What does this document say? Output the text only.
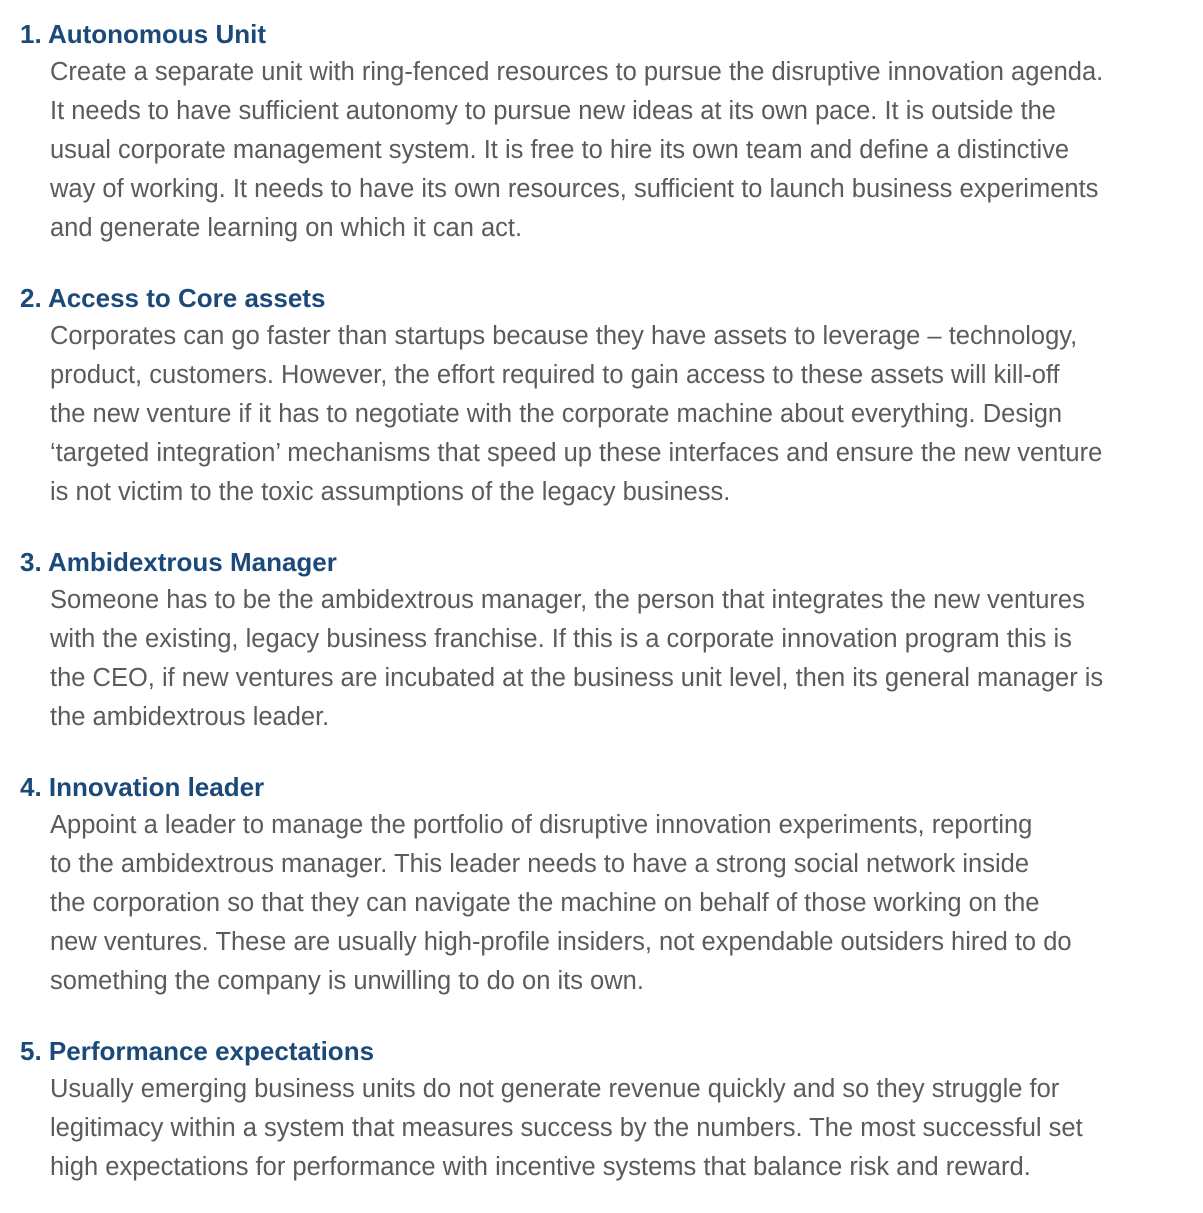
1. Autonomous Unit
Create a separate unit with ring-fenced resources to pursue the disruptive innovation agenda.
It needs to have sufficient autonomy to pursue new ideas at its own pace. It is outside the
usual corporate management system. It is free to hire its own team and define a distinctive
way of working. It needs to have its own resources, sufficient to launch business experiments
and generate learning on which it can act.
2. Access to Core assets
Corporates can go faster than startups because they have assets to leverage – technology,
product, customers. However, the effort required to gain access to these assets will kill-off
the new venture if it has to negotiate with the corporate machine about everything. Design
‘targeted integration’ mechanisms that speed up these interfaces and ensure the new venture
is not victim to the toxic assumptions of the legacy business.
3. Ambidextrous Manager
Someone has to be the ambidextrous manager, the person that integrates the new ventures
with the existing, legacy business franchise. If this is a corporate innovation program this is
the CEO, if new ventures are incubated at the business unit level, then its general manager is
the ambidextrous leader.
4. Innovation leader
Appoint a leader to manage the portfolio of disruptive innovation experiments, reporting
to the ambidextrous manager. This leader needs to have a strong social network inside
the corporation so that they can navigate the machine on behalf of those working on the
new ventures. These are usually high-profile insiders, not expendable outsiders hired to do
something the company is unwilling to do on its own.
5. Performance expectations
Usually emerging business units do not generate revenue quickly and so they struggle for
legitimacy within a system that measures success by the numbers. The most successful set
high expectations for performance with incentive systems that balance risk and reward.
